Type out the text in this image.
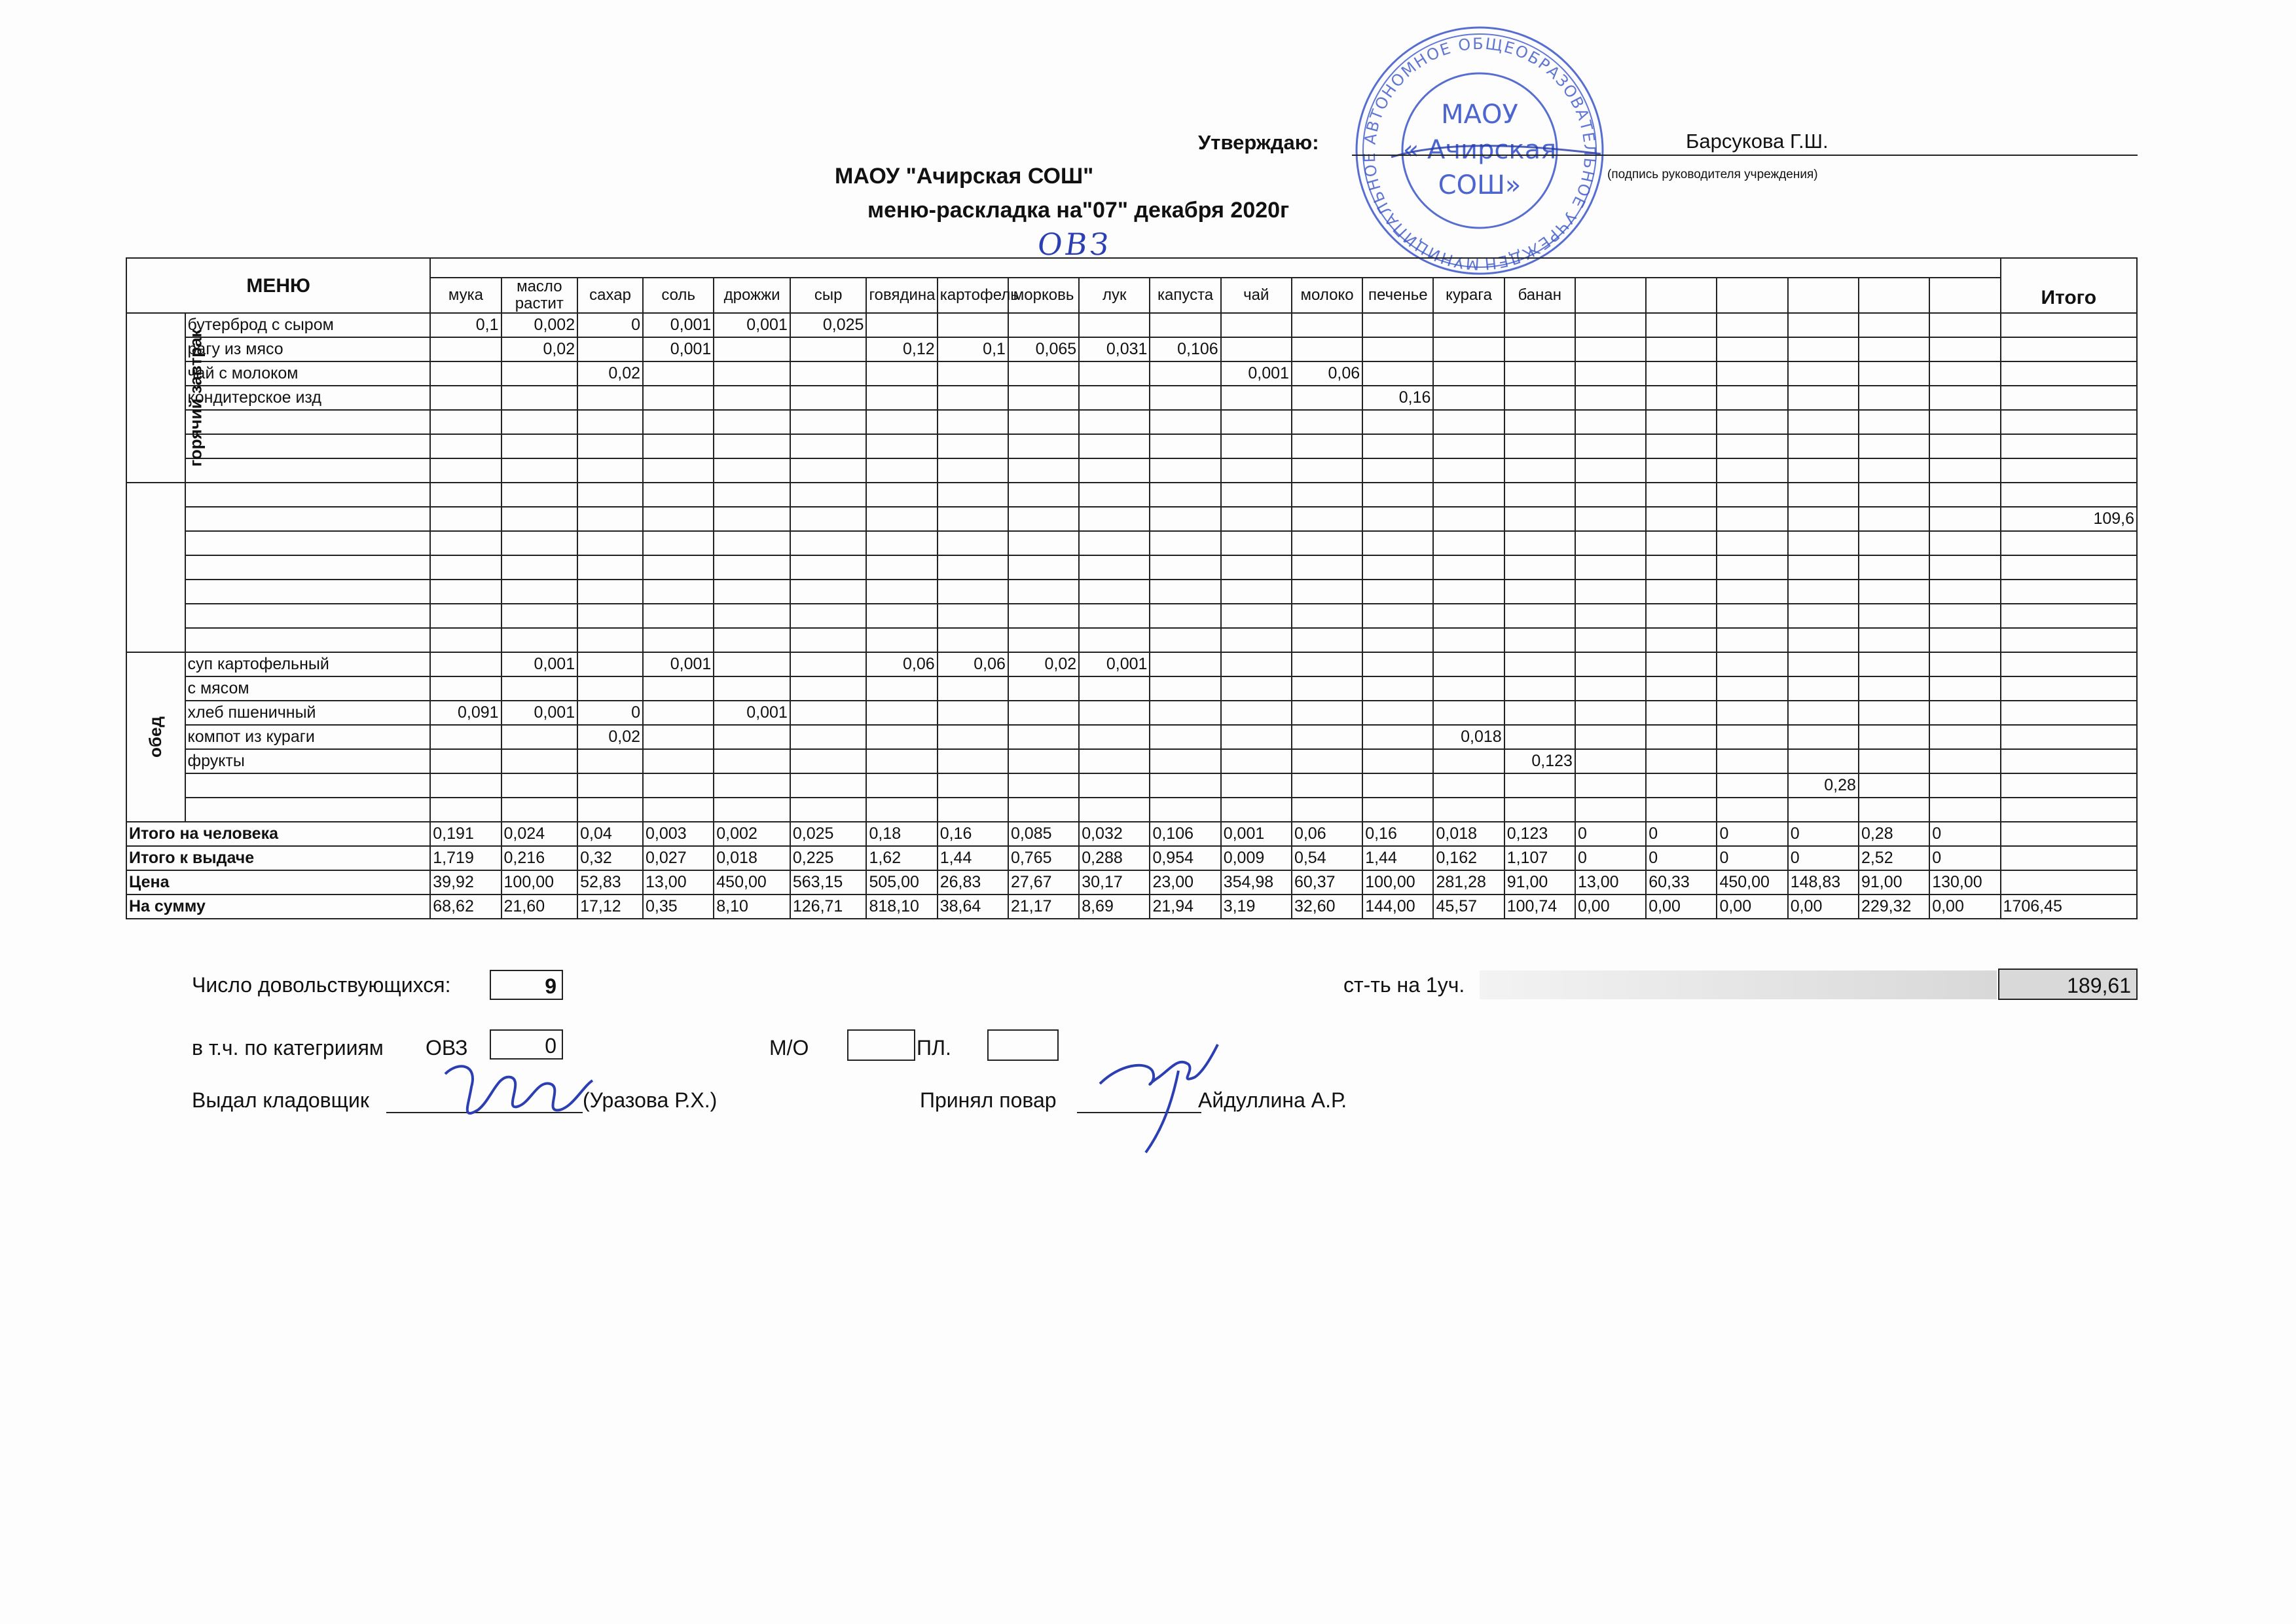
МУНИЦИПАЛЬНОЕ АВТОНОМНОЕ ОБЩЕОБРАЗОВАТЕЛЬНОЕ УЧРЕЖДЕН
МАОУ
« Ачирская
СОШ»
Утверждаю:	Барсукова Г.Ш.
(подпись руководителя учреждения)
МАОУ "Ачирская СОШ"
меню-раскладка на"07" декабря 2020г
ОВЗ
МЕНЮ																								Итого
		мука	масло растит	сахар	соль	дрожжи	сыр	говядина	картофель	морковь	лук	капуста	чай	молоко	печенье	курага	банан							
горячий завтрак	бутерброд с сыром	0,1	0,002	0	0,001	0,001	0,025																	
	рагу из мясо		0,02		0,001			0,12	0,1	0,065	0,031	0,106												
	чай с молоком			0,02									0,001	0,06										
	кондитерское изд														0,16									

																								109,6

обед	суп картофельный		0,001		0,001			0,06	0,06	0,02	0,001													
	с мясом																							
	хлеб пшеничный	0,091	0,001	0		0,001																		
	компот из кураги			0,02												0,018								
	фрукты																0,123							
																					0,28			

Итого на человека		0,191	0,024	0,04	0,003	0,002	0,025	0,18	0,16	0,085	0,032	0,106	0,001	0,06	0,16	0,018	0,123	0	0	0	0	0,28	0	
Итого к выдаче		1,719	0,216	0,32	0,027	0,018	0,225	1,62	1,44	0,765	0,288	0,954	0,009	0,54	1,44	0,162	1,107	0	0	0	0	2,52	0	
Цена		39,92	100,00	52,83	13,00	450,00	563,15	505,00	26,83	27,67	30,17	23,00	354,98	60,37	100,00	281,28	91,00	13,00	60,33	450,00	148,83	91,00	130,00	
На сумму		68,62	21,60	17,12	0,35	8,10	126,71	818,10	38,64	21,17	8,69	21,94	3,19	32,60	144,00	45,57	100,74	0,00	0,00	0,00	0,00	229,32	0,00	1706,45
Число довольствующихся:	9	ст-ть на 1уч.	189,61
в т.ч. по категрииям ОВЗ	0	М/О	ПЛ.
Выдал кладовщик	(Уразова Р.Х.)	Принял повар	Айдуллина А.Р.
